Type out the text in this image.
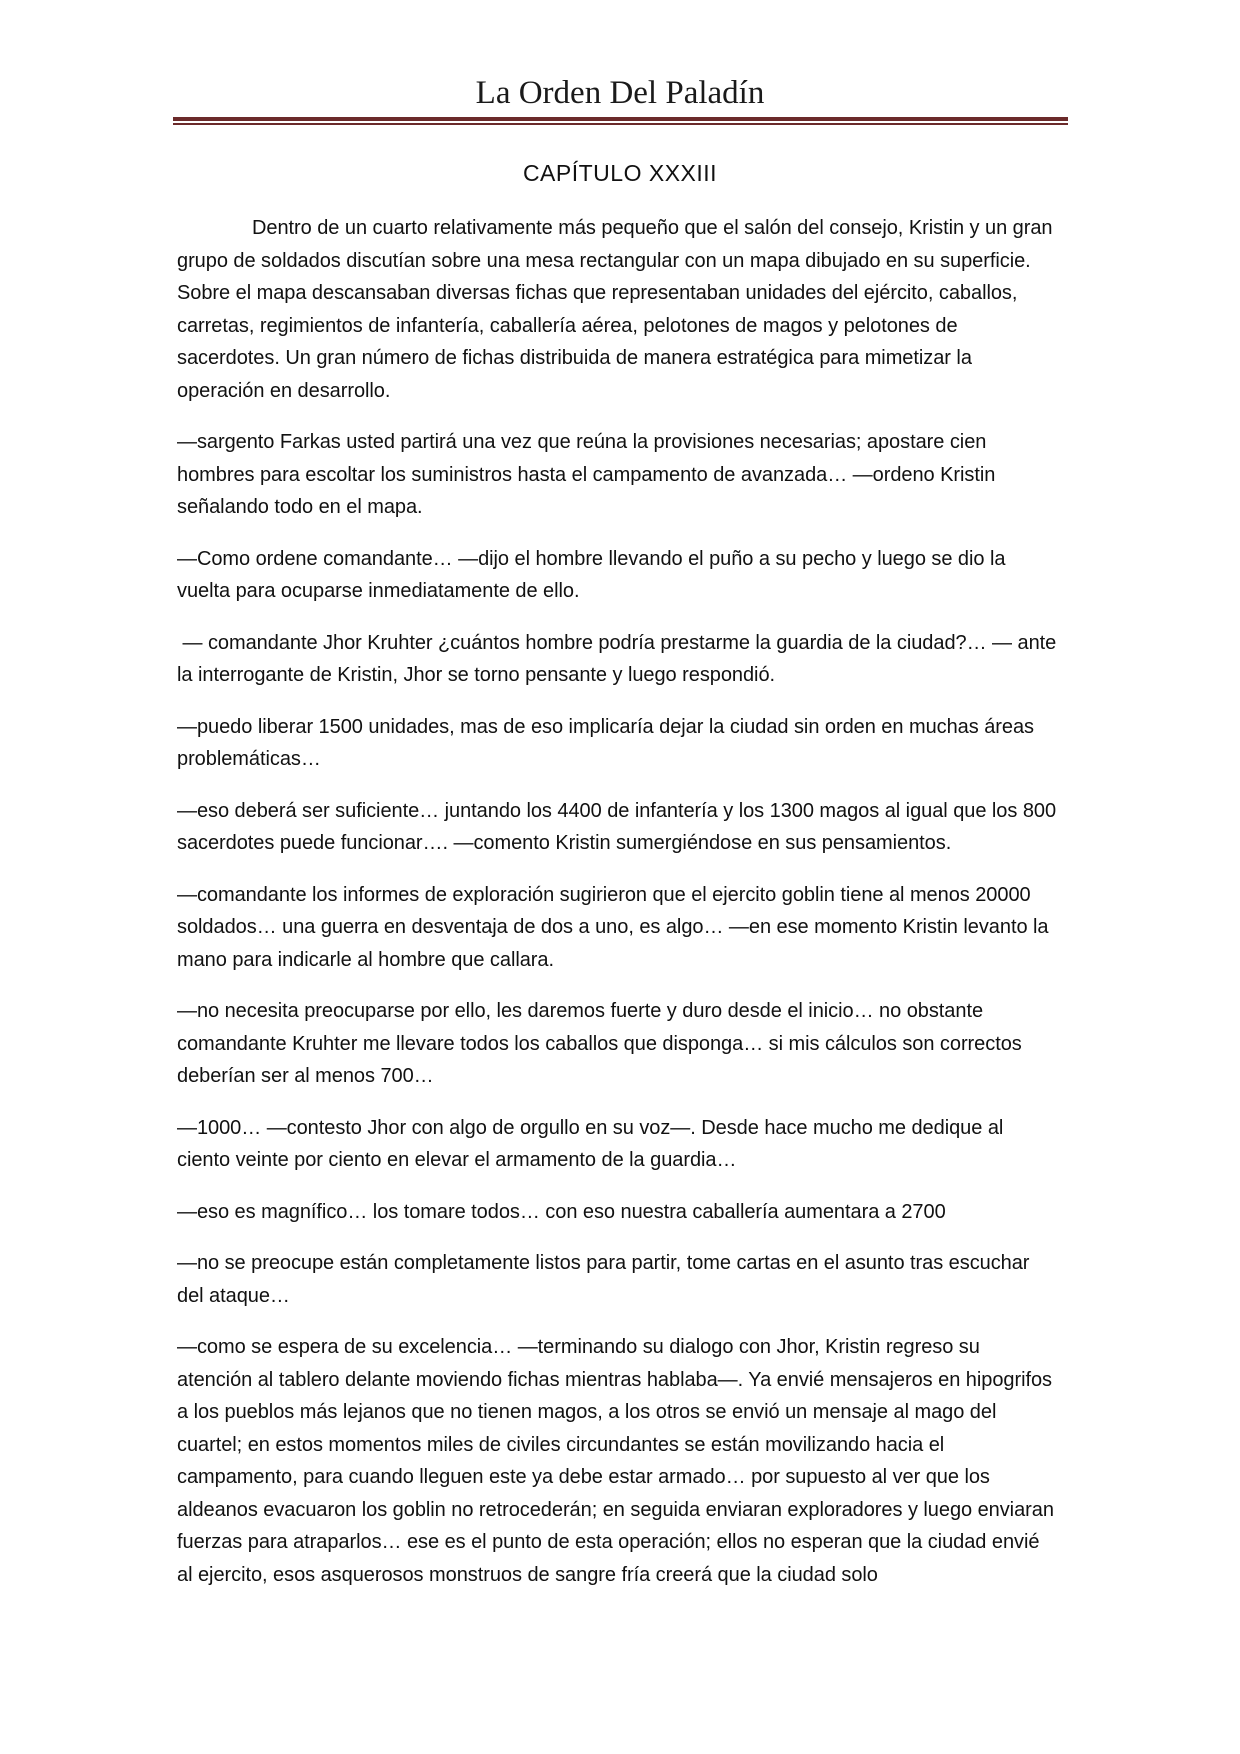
La Orden Del Paladín
CAPÍTULO XXXIII

Dentro de un cuarto relativamente más pequeño que el salón del consejo, Kristin y un gran grupo de soldados discutían sobre una mesa rectangular con un mapa dibujado en su superficie. Sobre el mapa descansaban diversas fichas que representaban unidades del ejército, caballos, carretas, regimientos de infantería, caballería aérea, pelotones de magos y pelotones de sacerdotes. Un gran número de fichas distribuida de manera estratégica para mimetizar la operación en desarrollo.

—sargento Farkas usted partirá una vez que reúna la provisiones necesarias; apostare cien hombres para escoltar los suministros hasta el campamento de avanzada… —ordeno Kristin señalando todo en el mapa.

—Como ordene comandante… —dijo el hombre llevando el puño a su pecho y luego se dio la vuelta para ocuparse inmediatamente de ello.

— comandante Jhor Kruhter ¿cuántos hombre podría prestarme la guardia de la ciudad?… — ante la interrogante de Kristin, Jhor se torno pensante y luego respondió.

—puedo liberar 1500 unidades, mas de eso implicaría dejar la ciudad sin orden en muchas áreas problemáticas…

—eso deberá ser suficiente… juntando los 4400 de infantería y los 1300 magos al igual que los 800 sacerdotes puede funcionar…. —comento Kristin sumergiéndose en sus pensamientos.

—comandante los informes de exploración sugirieron que el ejercito goblin tiene al menos 20000 soldados… una guerra en desventaja de dos a uno, es algo… —en ese momento Kristin levanto la mano para indicarle al hombre que callara.

—no necesita preocuparse por ello, les daremos fuerte y duro desde el inicio… no obstante comandante Kruhter me llevare todos los caballos que disponga… si mis cálculos son correctos deberían ser al menos 700…

—1000… —contesto Jhor con algo de orgullo en su voz—. Desde hace mucho me dedique al ciento veinte por ciento en elevar el armamento de la guardia…

—eso es magnífico… los tomare todos… con eso nuestra caballería aumentara a 2700

—no se preocupe están completamente listos para partir, tome cartas en el asunto tras escuchar del ataque…

—como se espera de su excelencia… —terminando su dialogo con Jhor, Kristin regreso su atención al tablero delante moviendo fichas mientras hablaba—. Ya envié mensajeros en hipogrifos a los pueblos más lejanos que no tienen magos, a los otros se envió un mensaje al mago del cuartel; en estos momentos miles de civiles circundantes se están movilizando hacia el campamento, para cuando lleguen este ya debe estar armado… por supuesto al ver que los aldeanos evacuaron los goblin no retrocederán; en seguida enviaran exploradores y luego enviaran fuerzas para atraparlos… ese es el punto de esta operación; ellos no esperan que la ciudad envié al ejercito, esos asquerosos monstruos de sangre fría creerá que la ciudad solo
